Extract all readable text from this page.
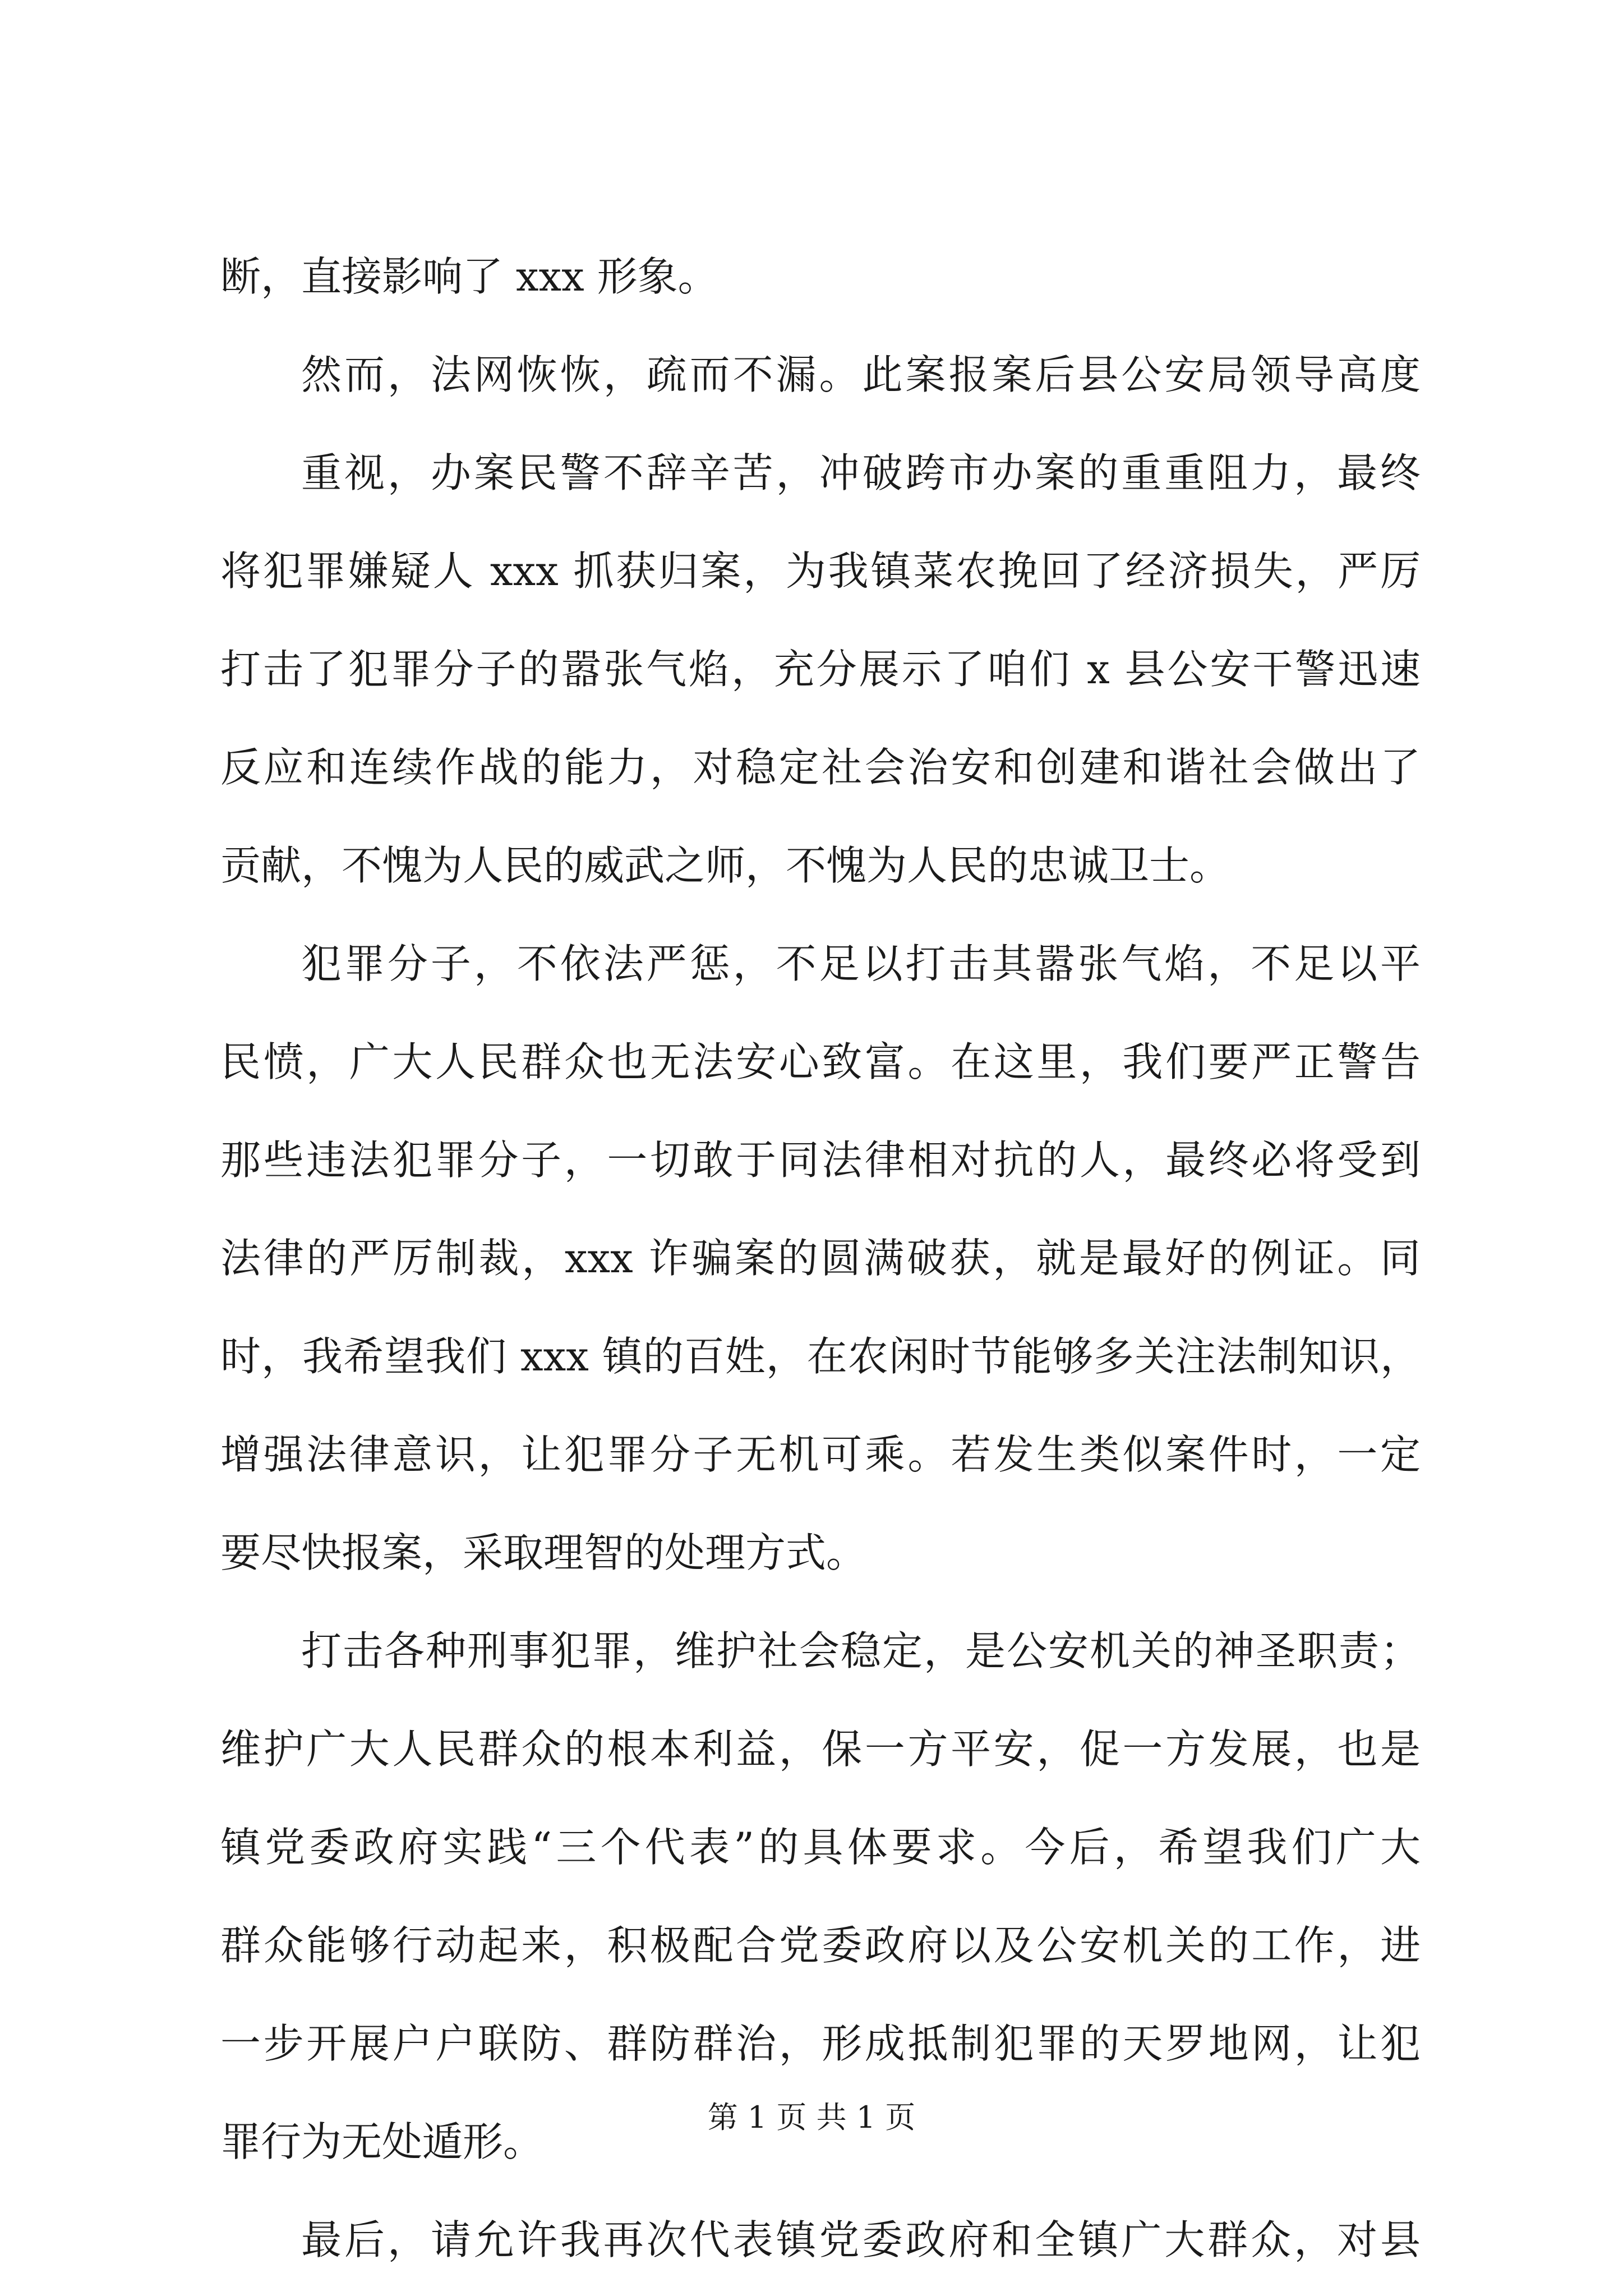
断，直接影响了 xxx 形象。
然而，法网恢恢，疏而不漏。此案报案后县公安局领导高度
重视，办案民警不辞辛苦，冲破跨市办案的重重阻力，最终
将犯罪嫌疑人 xxx 抓获归案，为我镇菜农挽回了经济损失，严厉
打击了犯罪分子的嚣张气焰，充分展示了咱们 x 县公安干警迅速
反应和连续作战的能力，对稳定社会治安和创建和谐社会做出了
贡献，不愧为人民的威武之师，不愧为人民的忠诚卫士。
犯罪分子，不依法严惩，不足以打击其嚣张气焰，不足以平
民愤，广大人民群众也无法安心致富。在这里，我们要严正警告
那些违法犯罪分子，一切敢于同法律相对抗的人，最终必将受到
法律的严厉制裁，xxx 诈骗案的圆满破获，就是最好的例证。同
时，我希望我们 xxx 镇的百姓，在农闲时节能够多关注法制知识，
增强法律意识，让犯罪分子无机可乘。若发生类似案件时，一定
要尽快报案，采取理智的处理方式。
打击各种刑事犯罪，维护社会稳定，是公安机关的神圣职责；
维护广大人民群众的根本利益，保一方平安，促一方发展，也是
镇党委政府实践“三个代表”的具体要求。今后，希望我们广大
群众能够行动起来，积极配合党委政府以及公安机关的工作，进
一步开展户户联防、群防群治，形成抵制犯罪的天罗地网，让犯
罪行为无处遁形。
最后，请允许我再次代表镇党委政府和全镇广大群众，对县
第 1 页 共 1 页
